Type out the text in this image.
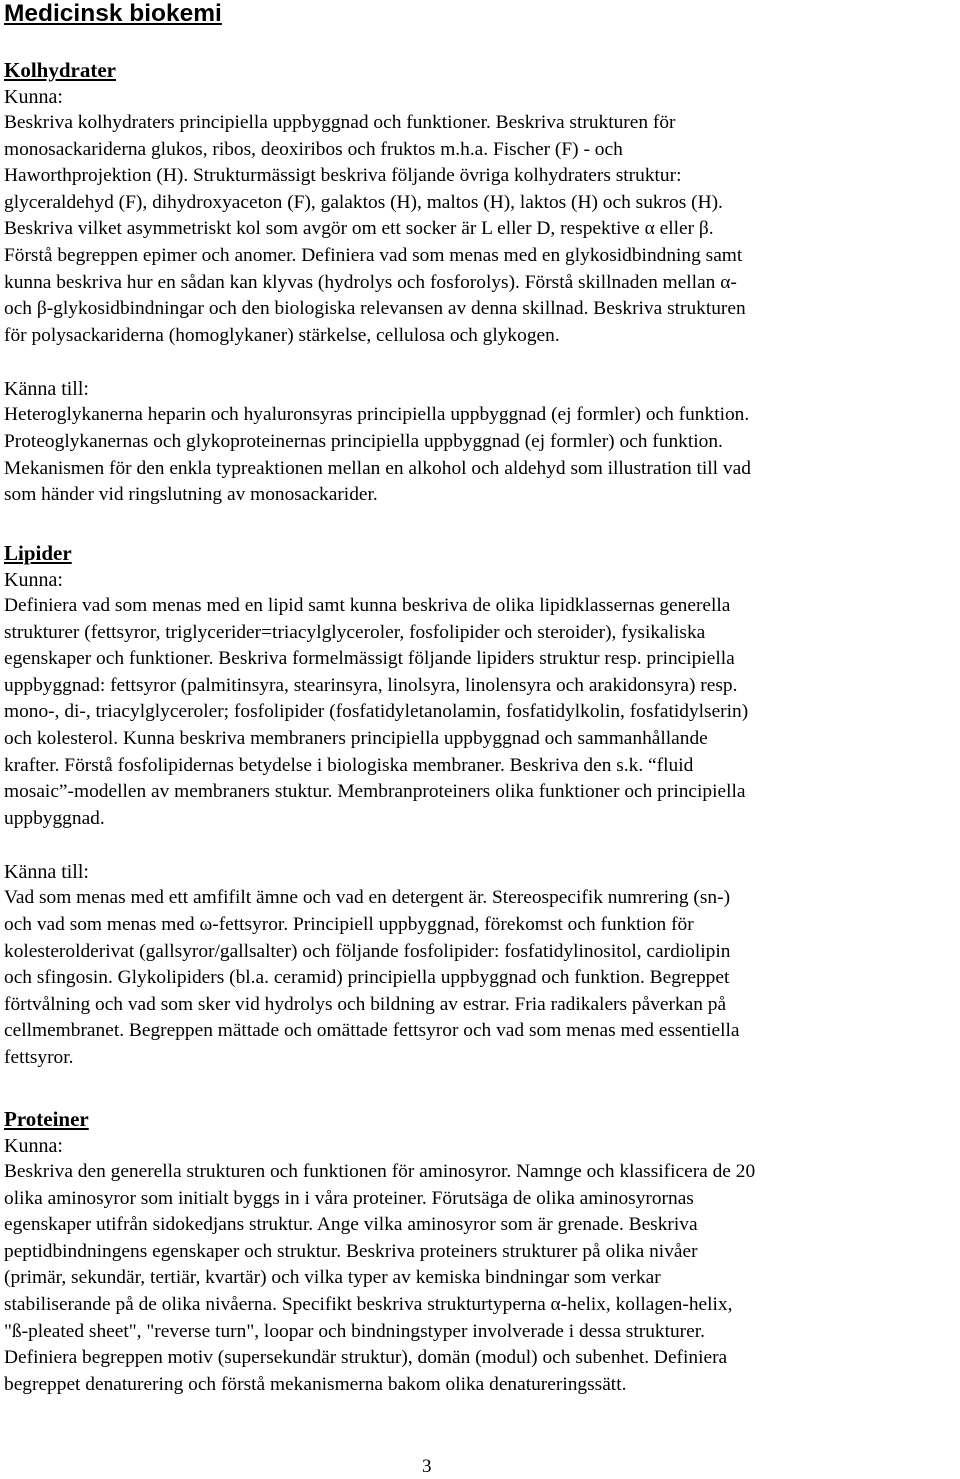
Medicinsk biokemi
Kolhydrater

Kunna:

Beskriva kolhydraters principiella uppbyggnad och funktioner. Beskriva strukturen för
monosackariderna glukos, ribos, deoxiribos och fruktos m.h.a. Fischer (F) - och
Haworthprojektion (H). Strukturmässigt beskriva följande övriga kolhydraters struktur:
glyceraldehyd (F), dihydroxyaceton (F), galaktos (H), maltos (H), laktos (H) och sukros (H).
Beskriva vilket asymmetriskt kol som avgör om ett socker är L eller D, respektive α eller β.
Förstå begreppen epimer och anomer. Definiera vad som menas med en glykosidbindning samt
kunna beskriva hur en sådan kan klyvas (hydrolys och fosforolys). Förstå skillnaden mellan α-
och β-glykosidbindningar och den biologiska relevansen av denna skillnad. Beskriva strukturen
för polysackariderna (homoglykaner) stärkelse, cellulosa och glykogen.

Känna till:

Heteroglykanerna heparin och hyaluronsyras principiella uppbyggnad (ej formler) och funktion.
Proteoglykanernas och glykoproteinernas principiella uppbyggnad (ej formler) och funktion.
Mekanismen för den enkla typreaktionen mellan en alkohol och aldehyd som illustration till vad
som händer vid ringslutning av monosackarider.

Lipider

Kunna:

Definiera vad som menas med en lipid samt kunna beskriva de olika lipidklassernas generella
strukturer (fettsyror, triglycerider=triacylglyceroler, fosfolipider och steroider), fysikaliska
egenskaper och funktioner. Beskriva formelmässigt följande lipiders struktur resp. principiella
uppbyggnad: fettsyror (palmitinsyra, stearinsyra, linolsyra, linolensyra och arakidonsyra) resp.
mono-, di-, triacylglyceroler; fosfolipider (fosfatidyletanolamin, fosfatidylkolin, fosfatidylserin)
och kolesterol. Kunna beskriva membraners principiella uppbyggnad och sammanhållande
krafter. Förstå fosfolipidernas betydelse i biologiska membraner. Beskriva den s.k. “fluid
mosaic”-modellen av membraners stuktur. Membranproteiners olika funktioner och principiella
uppbyggnad.

Känna till:

Vad som menas med ett amfifilt ämne och vad en detergent är. Stereospecifik numrering (sn-)
och vad som menas med ω-fettsyror. Principiell uppbyggnad, förekomst och funktion för
kolesterolderivat (gallsyror/gallsalter) och följande fosfolipider: fosfatidylinositol, cardiolipin
och sfingosin. Glykolipiders (bl.a. ceramid) principiella uppbyggnad och funktion. Begreppet
förtvålning och vad som sker vid hydrolys och bildning av estrar. Fria radikalers påverkan på
cellmembranet. Begreppen mättade och omättade fettsyror och vad som menas med essentiella
fettsyror.

Proteiner

Kunna:

Beskriva den generella strukturen och funktionen för aminosyror. Namnge och klassificera de 20
olika aminosyror som initialt byggs in i våra proteiner. Förutsäga de olika aminosyrornas
egenskaper utifrån sidokedjans struktur. Ange vilka aminosyror som är grenade. Beskriva
peptidbindningens egenskaper och struktur. Beskriva proteiners strukturer på olika nivåer
(primär, sekundär, tertiär, kvartär) och vilka typer av kemiska bindningar som verkar
stabiliserande på de olika nivåerna. Specifikt beskriva strukturtyperna α-helix, kollagen-helix,
"ß-pleated sheet", "reverse turn", loopar och bindningstyper involverade i dessa strukturer.
Definiera begreppen motiv (supersekundär struktur), domän (modul) och subenhet. Definiera
begreppet denaturering och förstå mekanismerna bakom olika denatureringssätt.

3
